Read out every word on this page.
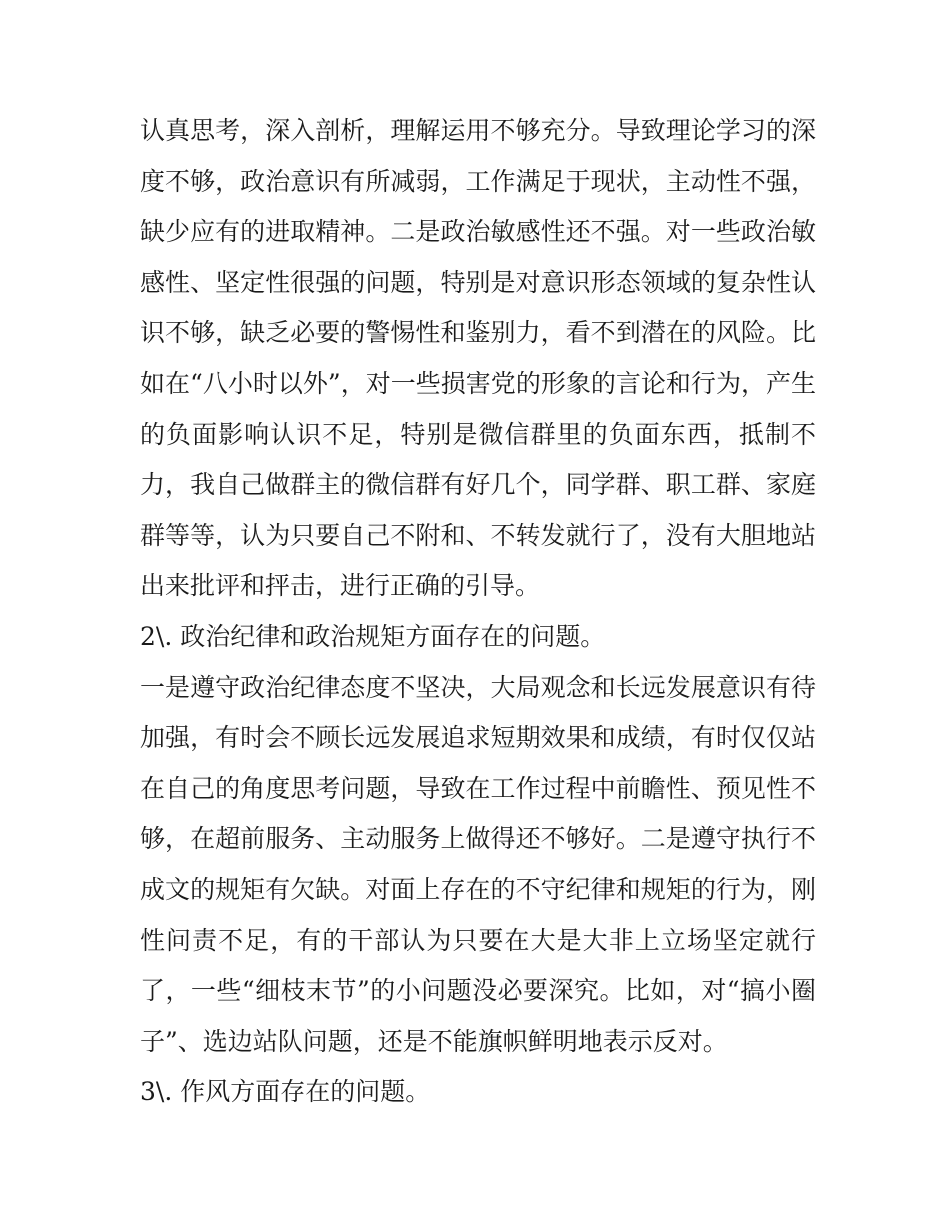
认真思考，深入剖析，理解运用不够充分。导致理论学习的深
度不够，政治意识有所减弱，工作满足于现状，主动性不强，
缺少应有的进取精神。二是政治敏感性还不强。对一些政治敏
感性、坚定性很强的问题，特别是对意识形态领域的复杂性认
识不够，缺乏必要的警惕性和鉴别力，看不到潜在的风险。比
如在“八小时以外”，对一些损害党的形象的言论和行为，产生
的负面影响认识不足，特别是微信群里的负面东西，抵制不
力，我自己做群主的微信群有好几个，同学群、职工群、家庭
群等等，认为只要自己不附和、不转发就行了，没有大胆地站
出来批评和抨击，进行正确的引导。
2\. 政治纪律和政治规矩方面存在的问题。
一是遵守政治纪律态度不坚决，大局观念和长远发展意识有待
加强，有时会不顾长远发展追求短期效果和成绩，有时仅仅站
在自己的角度思考问题，导致在工作过程中前瞻性、预见性不
够，在超前服务、主动服务上做得还不够好。二是遵守执行不
成文的规矩有欠缺。对面上存在的不守纪律和规矩的行为，刚
性问责不足，有的干部认为只要在大是大非上立场坚定就行
了，一些“细枝末节”的小问题没必要深究。比如，对“搞小圈
子”、选边站队问题，还是不能旗帜鲜明地表示反对。
3\. 作风方面存在的问题。
